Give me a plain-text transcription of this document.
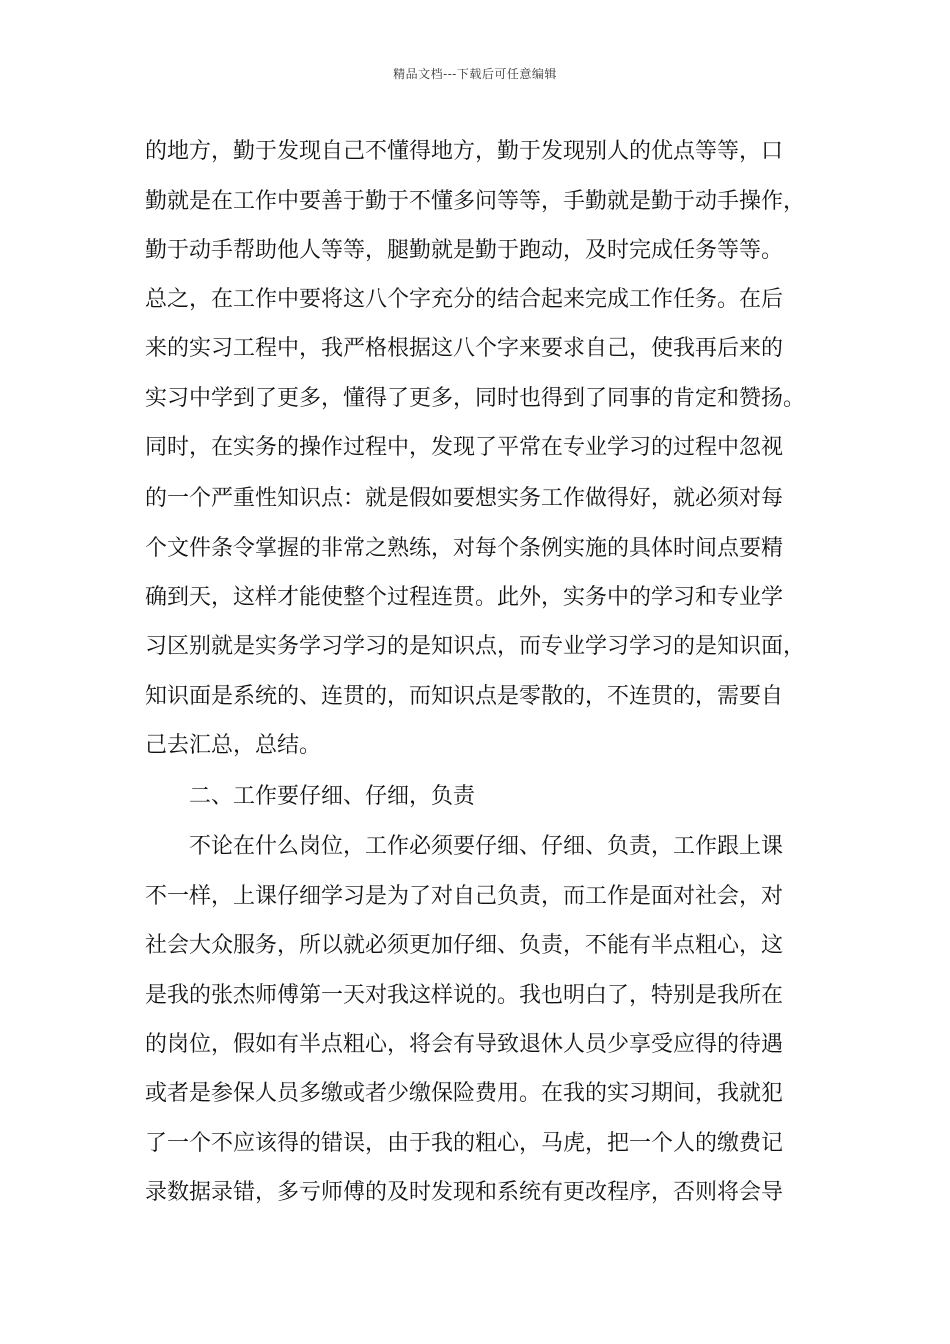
精品文档---下载后可任意编辑
的地方，勤于发现自己不懂得地方，勤于发现别人的优点等等，口
勤就是在工作中要善于勤于不懂多问等等，手勤就是勤于动手操作，
勤于动手帮助他人等等，腿勤就是勤于跑动，及时完成任务等等。
总之，在工作中要将这八个字充分的结合起来完成工作任务。在后
来的实习工程中，我严格根据这八个字来要求自己，使我再后来的
实习中学到了更多，懂得了更多，同时也得到了同事的肯定和赞扬。
同时，在实务的操作过程中，发现了平常在专业学习的过程中忽视
的一个严重性知识点：就是假如要想实务工作做得好，就必须对每
个文件条令掌握的非常之熟练，对每个条例实施的具体时间点要精
确到天，这样才能使整个过程连贯。此外，实务中的学习和专业学
习区别就是实务学习学习的是知识点，而专业学习学习的是知识面，
知识面是系统的、连贯的，而知识点是零散的，不连贯的，需要自
己去汇总，总结。
二、工作要仔细、仔细，负责
不论在什么岗位，工作必须要仔细、仔细、负责，工作跟上课
不一样，上课仔细学习是为了对自己负责，而工作是面对社会，对
社会大众服务，所以就必须更加仔细、负责，不能有半点粗心，这
是我的张杰师傅第一天对我这样说的。我也明白了，特别是我所在
的岗位，假如有半点粗心，将会有导致退休人员少享受应得的待遇
或者是参保人员多缴或者少缴保险费用。在我的实习期间，我就犯
了一个不应该得的错误，由于我的粗心，马虎，把一个人的缴费记
录数据录错，多亏师傅的及时发现和系统有更改程序，否则将会导
